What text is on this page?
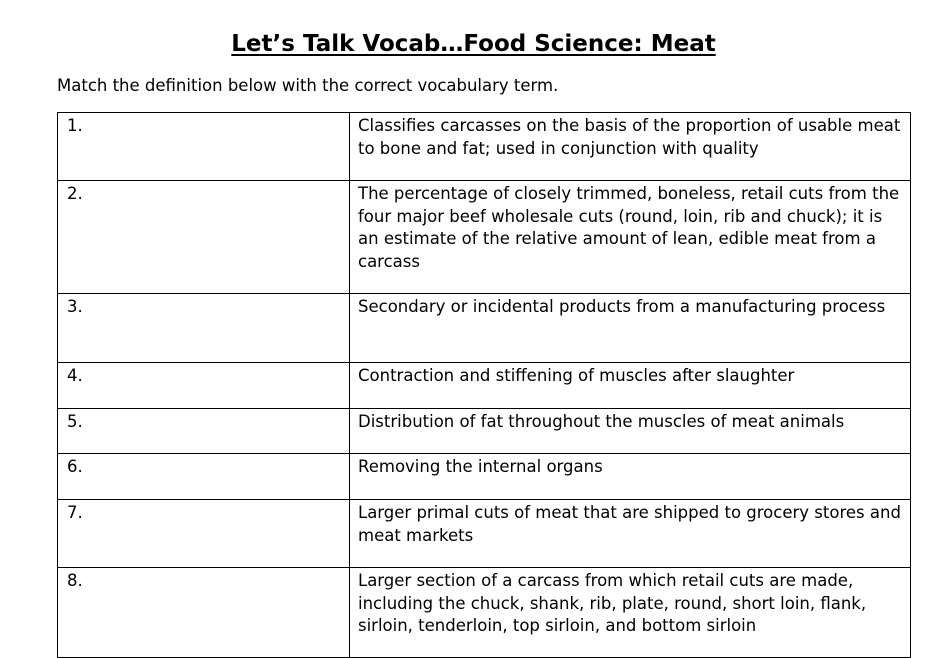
Let’s Talk Vocab…Food Science: Meat
Match the definition below with the correct vocabulary term.
1.	Classifies carcasses on the basis of the proportion of usable meat to bone and fat; used in conjunction with quality
2.	The percentage of closely trimmed, boneless, retail cuts from the four major beef wholesale cuts (round, loin, rib and chuck); it is an estimate of the relative amount of lean, edible meat from a carcass
3.	Secondary or incidental products from a manufacturing process
4.	Contraction and stiffening of muscles after slaughter
5.	Distribution of fat throughout the muscles of meat animals
6.	Removing the internal organs
7.	Larger primal cuts of meat that are shipped to grocery stores and meat markets
8.	Larger section of a carcass from which retail cuts are made, including the chuck, shank, rib, plate, round, short loin, flank, sirloin, tenderloin, top sirloin, and bottom sirloin
